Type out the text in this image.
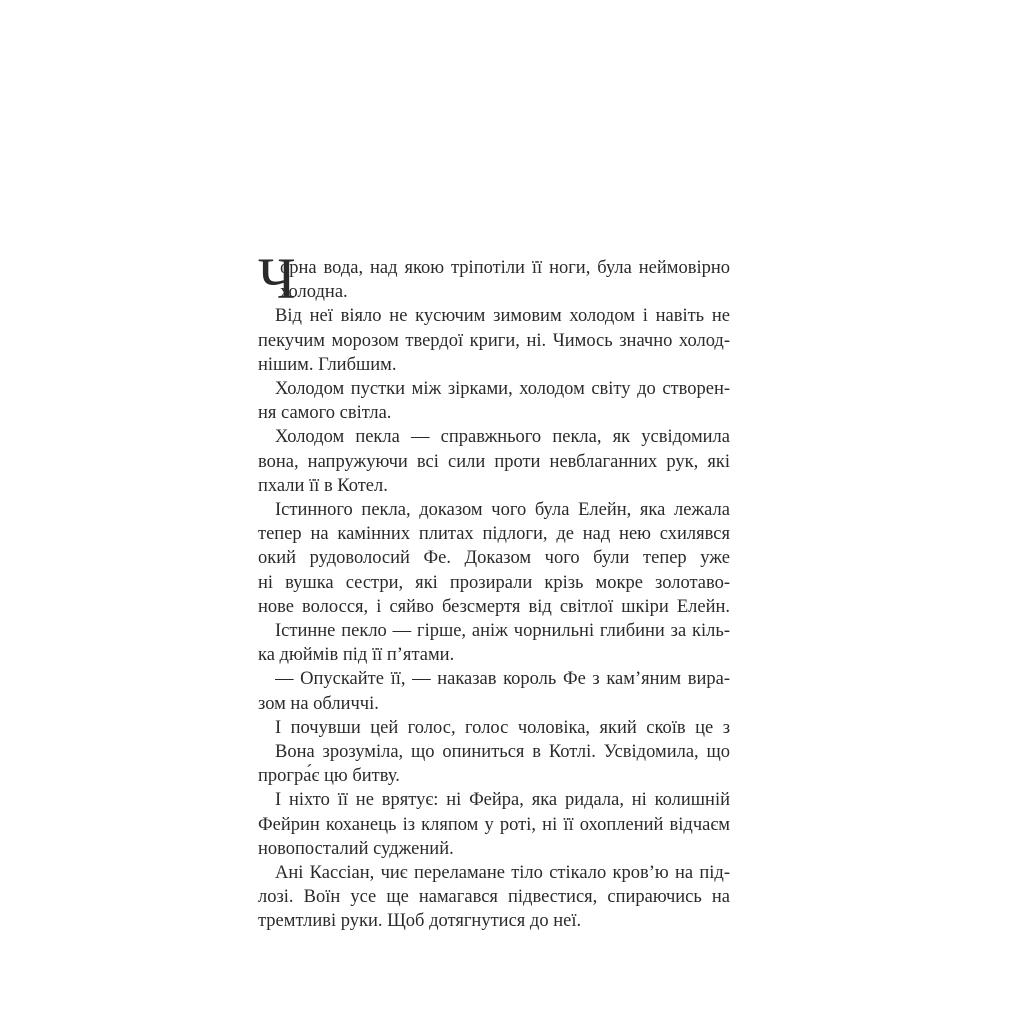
Ч
орна вода, над якою тріпотіли її ноги, була неймовірно
холодна.
Від неї віяло не кусючим зимовим холодом і навіть не
пекучим морозом твердої криги, ні. Чимось значно холод-
нішим. Глибшим.
Холодом пустки між зірками, холодом світу до створен-
ня самого світла.
Холодом пекла — справжнього пекла, як усвідомила
вона, напружуючи всі сили проти невблаганних рук, які
пхали її в Котел.
Істинного пекла, доказом чого була Елейн, яка лежала
тепер на камінних плитах підлоги, де над нею схилявся
окий рудоволосий Фе. Доказом чого були тепер уже
ні вушка сестри, які прозирали крізь мокре золотаво-
нове волосся, і сяйво безсмертя від світлої шкіри Елейн.
Істинне пекло — гірше, аніж чорнильні глибини за кіль-
ка дюймів під її п’ятами.
— Опускайте її, — наказав король Фе з кам’яним вира-
зом на обличчі.
І почувши цей голос, голос чоловіка, який скоїв це з
Вона зрозуміла, що опиниться в Котлі. Усвідомила, що
програ́є цю битву.
І ніхто її не врятує: ні Фейра, яка ридала, ні колишній
Фейрин коханець із кляпом у роті, ні її охоплений відчаєм
новопосталий суджений.
Ані Кассіан, чиє переламане тіло стікало кров’ю на під-
лозі. Воїн усе ще намагався підвестися, спираючись на
тремтливі руки. Щоб дотягнутися до неї.
